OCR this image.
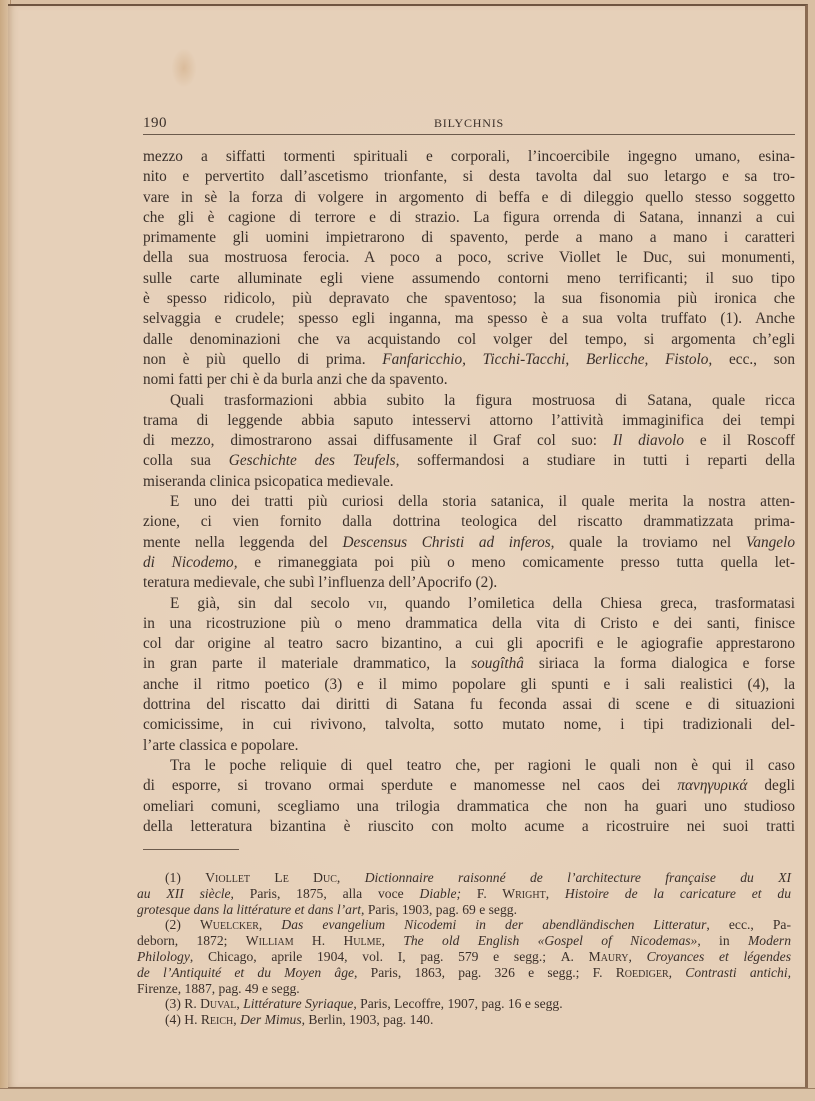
190	BILYCHNIS

mezzo a siffatti tormenti spirituali e corporali, l’incoercibile ingegno umano, esina-
nito e pervertito dall’ascetismo trionfante, si desta tavolta dal suo letargo e sa tro-
vare in sè la forza di volgere in argomento di beffa e di dileggio quello stesso soggetto
che gli è cagione di terrore e di strazio. La figura orrenda di Satana, innanzi a cui
primamente gli uomini impietrarono di spavento, perde a mano a mano i caratteri
della sua mostruosa ferocia. A poco a poco, scrive Viollet le Duc, sui monumenti,
sulle carte alluminate egli viene assumendo contorni meno terrificanti; il suo tipo
è spesso ridicolo, più depravato che spaventoso; la sua fisonomia più ironica che
selvaggia e crudele; spesso egli inganna, ma spesso è a sua volta truffato (1). Anche
dalle denominazioni che va acquistando col volger del tempo, si argomenta ch’egli
non è più quello di prima. Fanfaricchio, Ticchi-Tacchi, Berlicche, Fistolo, ecc., son
nomi fatti per chi è da burla anzi che da spavento.

Quali trasformazioni abbia subito la figura mostruosa di Satana, quale ricca
trama di leggende abbia saputo intesservi attorno l’attività immaginifica dei tempi
di mezzo, dimostrarono assai diffusamente il Graf col suo: Il diavolo e il Roscoff
colla sua Geschichte des Teufels, soffermandosi a studiare in tutti i reparti della
miseranda clinica psicopatica medievale.

E uno dei tratti più curiosi della storia satanica, il quale merita la nostra atten-
zione, ci vien fornito dalla dottrina teologica del riscatto drammatizzata prima-
mente nella leggenda del Descensus Christi ad inferos, quale la troviamo nel Vangelo
di Nicodemo, e rimaneggiata poi più o meno comicamente presso tutta quella let-
teratura medievale, che subì l’influenza dell’Apocrifo (2).

E già, sin dal secolo vii, quando l’omiletica della Chiesa greca, trasformatasi
in una ricostruzione più o meno drammatica della vita di Cristo e dei santi, finisce
col dar origine al teatro sacro bizantino, a cui gli apocrifi e le agiografie apprestarono
in gran parte il materiale drammatico, la sougîthâ siriaca la forma dialogica e forse
anche il ritmo poetico (3) e il mimo popolare gli spunti e i sali realistici (4), la
dottrina del riscatto dai diritti di Satana fu feconda assai di scene e di situazioni
comicissime, in cui rivivono, talvolta, sotto mutato nome, i tipi tradizionali del-
l’arte classica e popolare.

Tra le poche reliquie di quel teatro che, per ragioni le quali non è qui il caso
di esporre, si trovano ormai sperdute e manomesse nel caos dei πανηγυρικά degli
omeliari comuni, scegliamo una trilogia drammatica che non ha guari uno studioso
della letteratura bizantina è riuscito con molto acume a ricostruire nei suoi tratti

(1) Viollet Le Duc, Dictionnaire raisonné de l’architecture française du XI
au XII siècle, Paris, 1875, alla voce Diable; F. Wright, Histoire de la caricature et du
grotesque dans la littérature et dans l’art, Paris, 1903, pag. 69 e segg.
(2) Wuelcker, Das evangelium Nicodemi in der abendländischen Litteratur, ecc., Pa-
deborn, 1872; William H. Hulme, The old English «Gospel of Nicodemas», in Modern
Philology, Chicago, aprile 1904, vol. I, pag. 579 e segg.; A. Maury, Croyances et légendes
de l’Antiquité et du Moyen âge, Paris, 1863, pag. 326 e segg.; F. Roediger, Contrasti antichi,
Firenze, 1887, pag. 49 e segg.
(3) R. Duval, Littérature Syriaque, Paris, Lecoffre, 1907, pag. 16 e segg.
(4) H. Reich, Der Mimus, Berlin, 1903, pag. 140.
